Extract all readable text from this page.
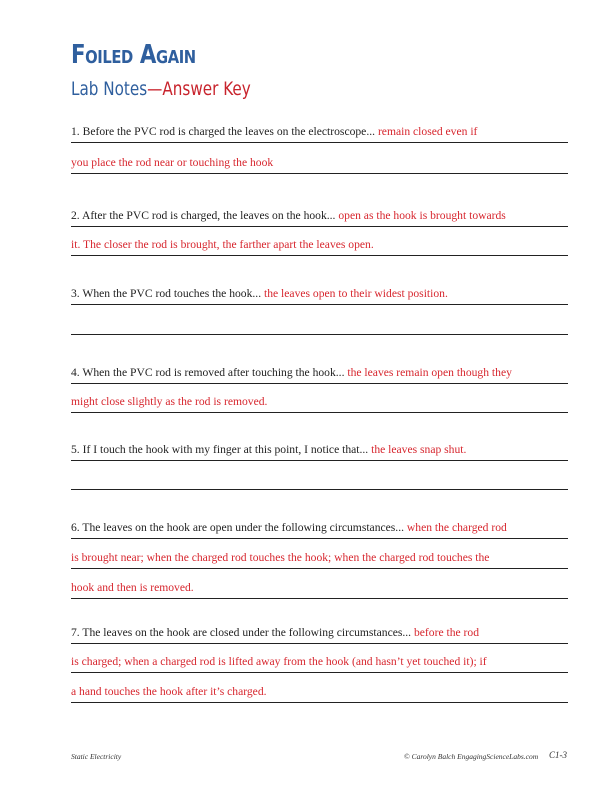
Foiled Again
Lab Notes—Answer Key
1. Before the PVC rod is charged the leaves on the electroscope... remain closed even if
you place the rod near or touching the hook
2. After the PVC rod is charged, the leaves on the hook... open as the hook is brought towards
it. The closer the rod is brought, the farther apart the leaves open.
3. When the PVC rod touches the hook... the leaves open to their widest position.
4. When the PVC rod is removed after touching the hook... the leaves remain open though they
might close slightly as the rod is removed.
5. If I touch the hook with my finger at this point, I notice that... the leaves snap shut.
6. The leaves on the hook are open under the following circumstances... when the charged rod
is brought near; when the charged rod touches the hook; when the charged rod touches the
hook and then is removed.
7. The leaves on the hook are closed under the following circumstances... before the rod
is charged; when a charged rod is lifted away from the hook (and hasn’t yet touched it); if
a hand touches the hook after it’s charged.
Static Electricity	© Carolyn Balch EngagingScienceLabs.com C1-3
